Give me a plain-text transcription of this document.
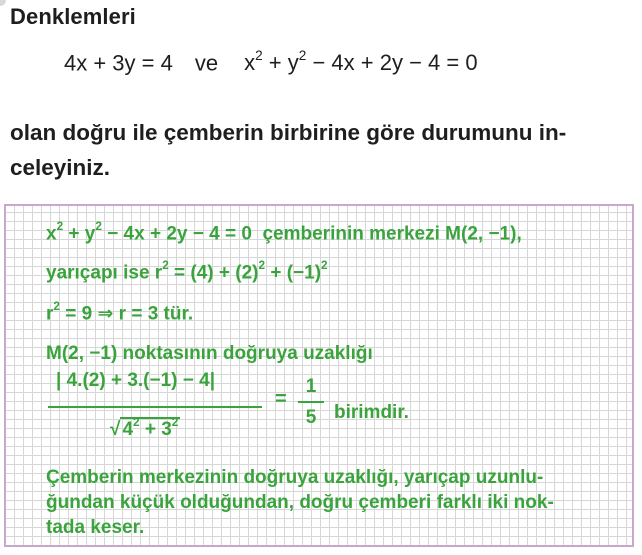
Denklemleri
4x + 3y = 4 ve $x^2 + y^2 - 4x + 2y - 4 = 0$
olan doğru ile çemberin birbirine göre durumunu in-
celeyiniz.
$x^2 + y^2 - 4x + 2y - 4 = 0$ çemberinin merkezi M(2, −1),
yarıçapı ise $r^2 = (4) + (2)^2 + (-1)^2$
$r^2 = 9$ ⇒ r = 3 tür.
M(2, −1) noktasının doğruya uzaklığı
| 4.(2) + 3.(−1) − 4|
√ $4^2 + 3^2$
=
1
5 birimdir.
Çemberin merkezinin doğruya uzaklığı, yarıçap uzunlu-
ğundan küçük olduğundan, doğru çemberi farklı iki nok-
tada keser.
